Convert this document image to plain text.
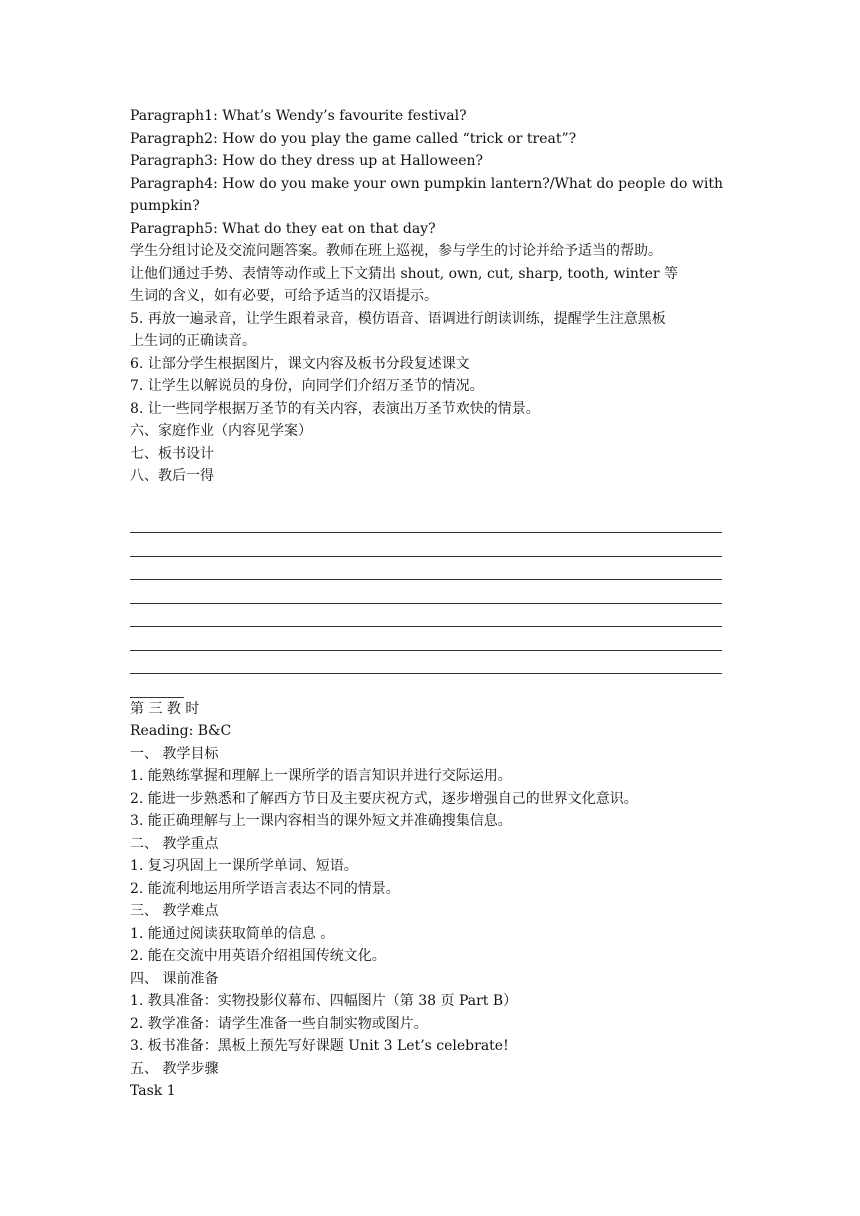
Paragraph1: What’s Wendy’s favourite festival?
Paragraph2: How do you play the game called “trick or treat”?
Paragraph3: How do they dress up at Halloween?
Paragraph4: How do you make your own pumpkin lantern?/What do people do with
pumpkin?
Paragraph5: What do they eat on that day?
学生分组讨论及交流问题答案。教师在班上巡视，参与学生的讨论并给予适当的帮助。
让他们通过手势、表情等动作或上下文猜出 shout, own, cut, sharp, tooth, winter 等
生词的含义，如有必要，可给予适当的汉语提示。
5. 再放一遍录音，让学生跟着录音，模仿语音、语调进行朗读训练，提醒学生注意黑板
上生词的正确读音。
6. 让部分学生根据图片，课文内容及板书分段复述课文
7. 让学生以解说员的身份，向同学们介绍万圣节的情况。
8. 让一些同学根据万圣节的有关内容，表演出万圣节欢快的情景。
六、家庭作业（内容见学案）
七、板书设计
八、教后一得
第 三 教 时
Reading: B&C
一、 教学目标
1. 能熟练掌握和理解上一课所学的语言知识并进行交际运用。
2. 能进一步熟悉和了解西方节日及主要庆祝方式，逐步增强自己的世界文化意识。
3. 能正确理解与上一课内容相当的课外短文并准确搜集信息。
二、 教学重点
1. 复习巩固上一课所学单词、短语。
2. 能流利地运用所学语言表达不同的情景。
三、 教学难点
1. 能通过阅读获取简单的信息 。
2. 能在交流中用英语介绍祖国传统文化。
四、 课前准备
1. 教具准备：实物投影仪幕布、四幅图片（第 38 页 Part B）
2. 教学准备：请学生准备一些自制实物或图片。
3. 板书准备：黑板上预先写好课题 Unit 3 Let’s celebrate!
五、 教学步骤
Task 1
